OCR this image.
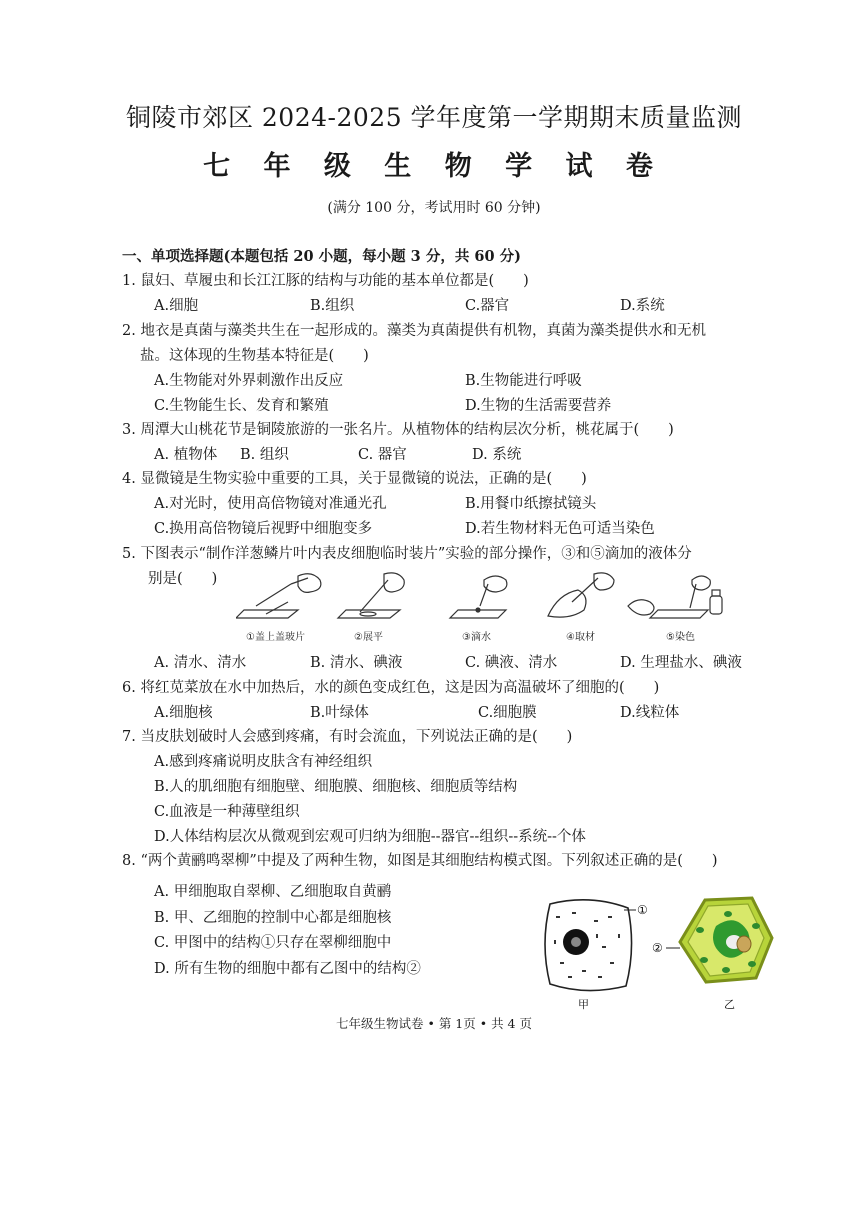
铜陵市郊区 2024-2025 学年度第一学期期末质量监测
七 年 级 生 物 学 试 卷
(满分 100 分，考试用时 60 分钟)
一、单项选择题(本题包括 20 小题，每小题 3 分，共 60 分)
1. 鼠妇、草履虫和长江江豚的结构与功能的基本单位都是(　　)
A.细胞	B.组织	C.器官	D.系统
2. 地衣是真菌与藻类共生在一起形成的。藻类为真菌提供有机物，真菌为藻类提供水和无机
盐。这体现的生物基本特征是(　　)
A.生物能对外界刺激作出反应	B.生物能进行呼吸
C.生物能生长、发育和繁殖	D.生物的生活需要营养
3. 周潭大山桃花节是铜陵旅游的一张名片。从植物体的结构层次分析，桃花属于(　　)
A. 植物体 B. 组织	C. 器官	D. 系统
4. 显微镜是生物实验中重要的工具，关于显微镜的说法，正确的是(　　)
A.对光时，使用高倍物镜对准通光孔	B.用餐巾纸擦拭镜头
C.换用高倍物镜后视野中细胞变多	D.若生物材料无色可适当染色
5. 下图表示“制作洋葱鳞片叶内表皮细胞临时装片”实验的部分操作，③和⑤滴加的液体分
别是(　　)
①盖上盖玻片	②展平	③滴水	④取材	⑤染色
A. 清水、清水	B. 清水、碘液	C. 碘液、清水	D. 生理盐水、碘液
6. 将红苋菜放在水中加热后，水的颜色变成红色，这是因为高温破坏了细胞的(　　)
A.细胞核	B.叶绿体	C.细胞膜	D.线粒体
7. 当皮肤划破时人会感到疼痛，有时会流血，下列说法正确的是(　　)
A.感到疼痛说明皮肤含有神经组织
B.人的肌细胞有细胞壁、细胞膜、细胞核、细胞质等结构
C.血液是一种薄壁组织
D.人体结构层次从微观到宏观可归纳为细胞--器官--组织--系统--个体
8. “两个黄鹂鸣翠柳”中提及了两种生物，如图是其细胞结构模式图。下列叙述正确的是(　　)
A. 甲细胞取自翠柳、乙细胞取自黄鹂
B. 甲、乙细胞的控制中心都是细胞核
C. 甲图中的结构①只存在翠柳细胞中
D. 所有生物的细胞中都有乙图中的结构②
①
甲
②
乙
七年级生物试卷 • 第 1页 • 共 4 页
